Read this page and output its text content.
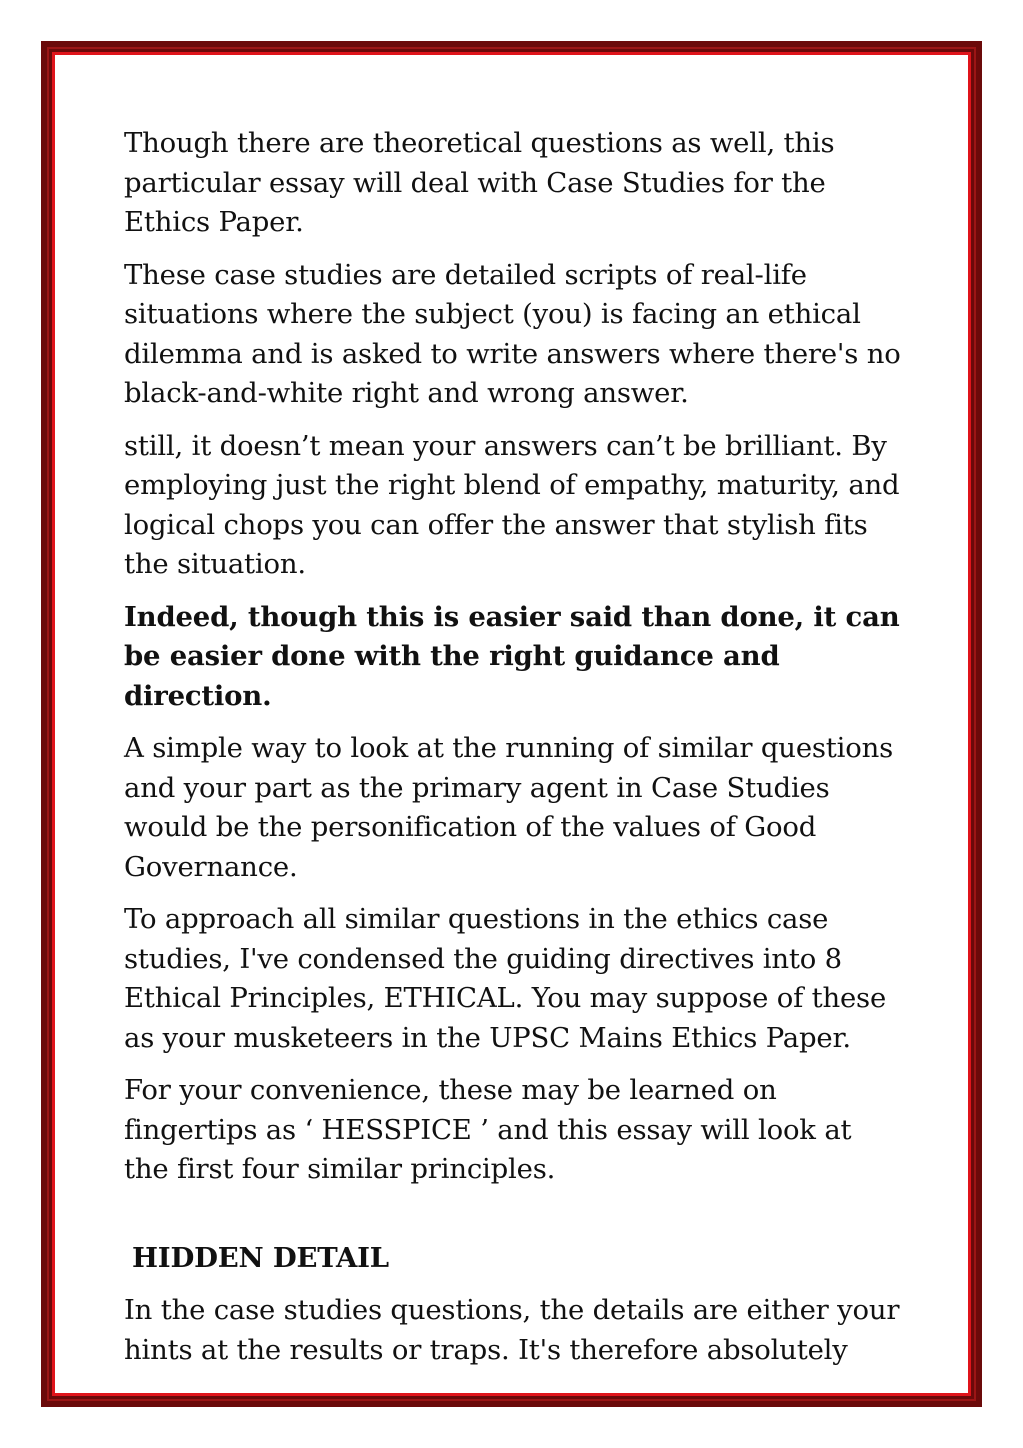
Though there are theoretical questions as well, this particular essay will deal with Case Studies for the Ethics Paper.

These case studies are detailed scripts of real-life situations where the subject (you) is facing an ethical dilemma and is asked to write answers where there's no black-and-white right and wrong answer.

still, it doesn’t mean your answers can’t be brilliant. By employing just the right blend of empathy, maturity, and logical chops you can offer the answer that stylish fits the situation.

Indeed, though this is easier said than done, it can be easier done with the right guidance and direction.

A simple way to look at the running of similar questions and your part as the primary agent in Case Studies would be the personification of the values of Good Governance.

To approach all similar questions in the ethics case studies, I've condensed the guiding directives into 8 Ethical Principles, ETHICAL. You may suppose of these as your musketeers in the UPSC Mains Ethics Paper.

For your convenience, these may be learned on fingertips as ‘ HESSPICE ’ and this essay will look at the first four similar principles.

HIDDEN DETAIL

In the case studies questions, the details are either your hints at the results or traps. It's therefore absolutely
